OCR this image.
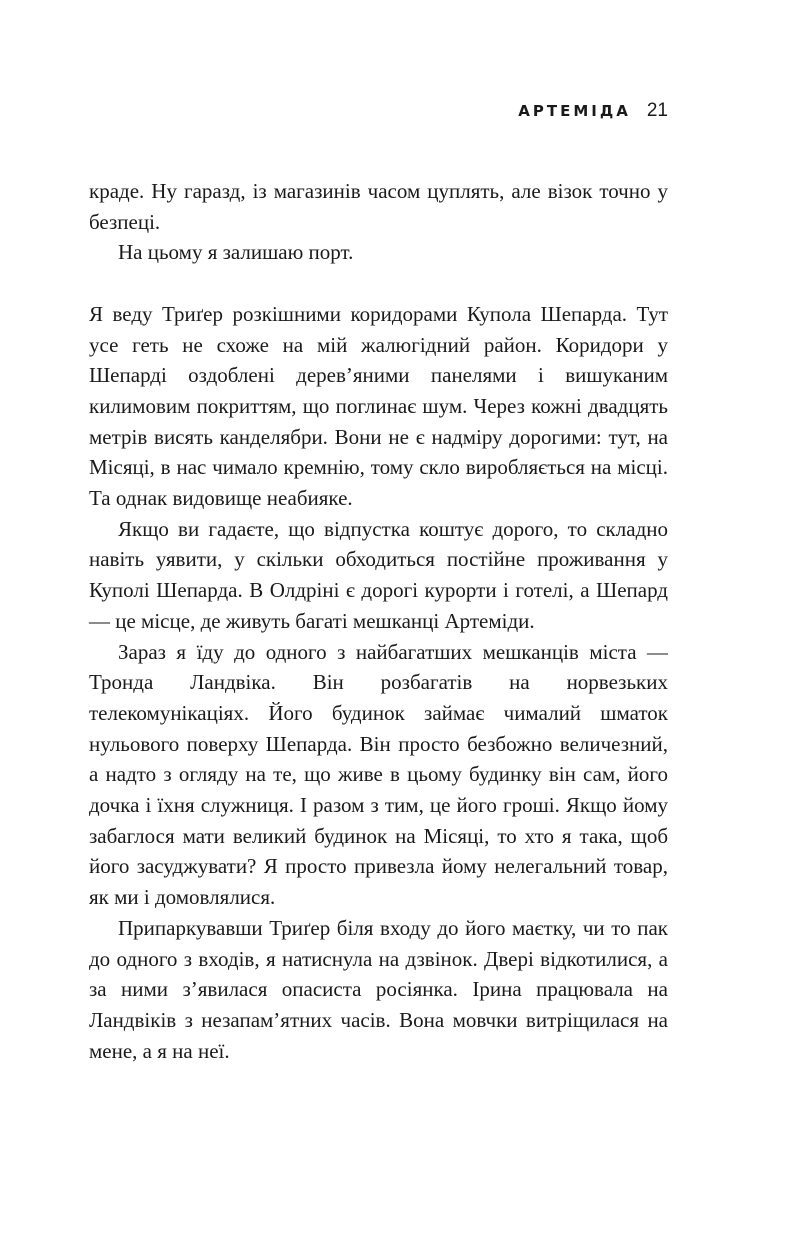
АРТЕМІДА 21

краде. Ну гаразд, із магазинів часом цуплять, але візок точно у безпеці.

На цьому я залишаю порт.

Я веду Триґер розкішними коридорами Купола Шепарда. Тут усе геть не схоже на мій жалюгідний район. Коридори у Шепарді оздоблені дерев’яними панелями і вишуканим килимовим покриттям, що поглинає шум. Через кожні двадцять метрів висять канделябри. Вони не є надміру дорогими: тут, на Місяці, в нас чимало кремнію, тому скло виробляється на місці. Та однак видовище неабияке.

Якщо ви гадаєте, що відпустка коштує дорого, то складно навіть уявити, у скільки обходиться постійне проживання у Куполі Шепарда. В Олдріні є дорогі курорти і готелі, а Шепард — це місце, де живуть багаті мешканці Артеміди.

Зараз я їду до одного з найбагатших мешканців міста — Тронда Ландвіка. Він розбагатів на норвезьких телекомунікаціях. Його будинок займає чималий шматок нульового поверху Шепарда. Він просто безбожно величезний, а надто з огляду на те, що живе в цьому будинку він сам, його дочка і їхня служниця. І разом з тим, це його гроші. Якщо йому забаглося мати великий будинок на Місяці, то хто я така, щоб його засуджувати? Я просто привезла йому нелегальний товар, як ми і домовлялися.

Припаркувавши Триґер біля входу до його маєтку, чи то пак до одного з входів, я натиснула на дзвінок. Двері відкотилися, а за ними з’явилася опасиста росіянка. Ірина працювала на Ландвіків з незапам’ятних часів. Вона мовчки витріщилася на мене, а я на неї.
